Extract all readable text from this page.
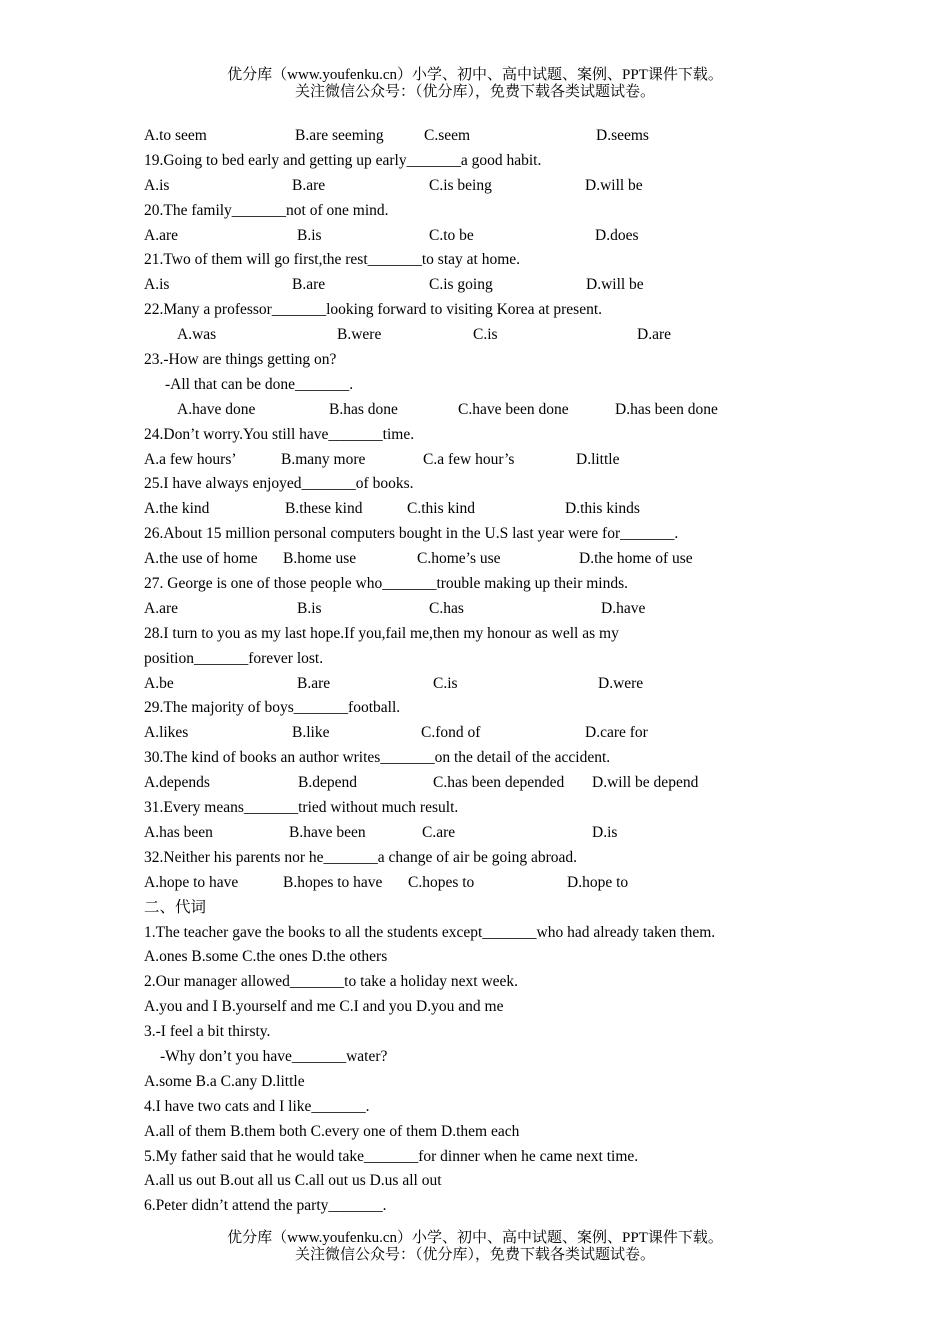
优分库（www.youfenku.cn）小学、初中、高中试题、案例、PPT课件下载。
关注微信公众号：（优分库），免费下载各类试题试卷。
A.to seem	B.are seeming	C.seem	D.seems
19.Going to bed early and getting up early_______a good habit.
A.is	B.are	C.is being	D.will be
20.The family_______not of one mind.
A.are	B.is	C.to be	D.does
21.Two of them will go first,the rest_______to stay at home.
A.is	B.are	C.is going	D.will be
22.Many a professor_______looking forward to visiting Korea at present.
A.was	B.were	C.is	D.are
23.-How are things getting on?
-All that can be done_______.
A.have done	B.has done	C.have been done	D.has been done
24.Don’t worry.You still have_______time.
A.a few hours’	B.many more	C.a few hour’s	D.little
25.I have always enjoyed_______of books.
A.the kind	B.these kind	C.this kind	D.this kinds
26.About 15 million personal computers bought in the U.S last year were for_______.
A.the use of home B.home use	C.home’s use	D.the home of use
27. George is one of those people who_______trouble making up their minds.
A.are	B.is	C.has	D.have
28.I turn to you as my last hope.If you,fail me,then my honour as well as my
position_______forever lost.
A.be	B.are	C.is	D.were
29.The majority of boys_______football.
A.likes	B.like	C.fond of	D.care for
30.The kind of books an author writes_______on the detail of the accident.
A.depends	B.depend	C.has been depended D.will be depend
31.Every means_______tried without much result.
A.has been	B.have been	C.are	D.is
32.Neither his parents nor he_______a change of air be going abroad.
A.hope to have	B.hopes to have C.hopes to	D.hope to
二、代词
1.The teacher gave the books to all the students except_______who had already taken them.
A.ones B.some C.the ones D.the others
2.Our manager allowed_______to take a holiday next week.
A.you and I B.yourself and me C.I and you D.you and me
3.-I feel a bit thirsty.
-Why don’t you have_______water?
A.some B.a C.any D.little
4.I have two cats and I like_______.
A.all of them B.them both C.every one of them D.them each
5.My father said that he would take_______for dinner when he came next time.
A.all us out B.out all us C.all out us D.us all out
6.Peter didn’t attend the party_______.
优分库（www.youfenku.cn）小学、初中、高中试题、案例、PPT课件下载。
关注微信公众号：（优分库），免费下载各类试题试卷。
